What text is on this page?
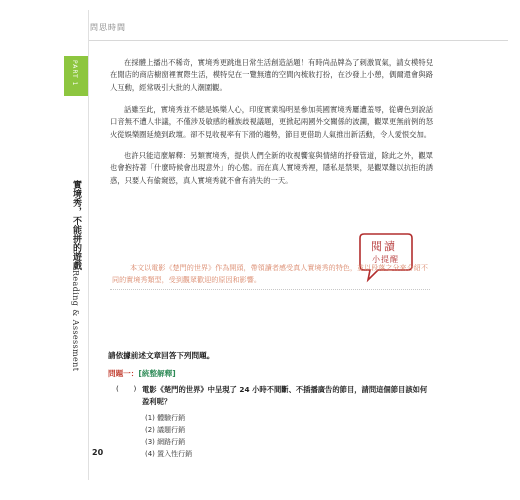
問思時間
PART 1
實境秀，不能拼的遊戲
Reading & Assessment

在採體上播出不稀奇，實境秀更跳進日常生活創造話題！有時尚品牌為了刺激買氣，請女模特兒在閒店的商店櫥窗裡實際生活，模特兒在一覽無遺的空間內梳妝打扮，在沙發上小憩，偶爾還會與路人互動，經常吸引大批的人潮圍觀。

話雖至此，實境秀並不總是娛樂人心，印度實業塢明星參加英國實境秀屢遭羞辱，從膚色到說話口音無不遭人非議，不僅涉及敏感的種族歧視議題，更掀起兩國外交關係的波瀾，觀眾更無前例的怒火從娛樂圈延燒到政壇。卻不見收視率有下滑的趨勢，節目更借助人氣推出新活動，令人愛恨交加。

也許只能這麼解釋：另類實境秀，提供人們全新的收視饗宴與情緒的抒發管道，除此之外，觀眾也會抱持著「什麼時候會出現意外」的心態。而在真人實境秀裡，隱私是禁果，是觀眾難以抗拒的誘惑，只要人有偷窺慾，真人實境秀就不會有消失的一天。

閱讀
小提醒

本文以電影《楚門的世界》作為開頭，帶領讀者感受真人實境秀的特色，並以段落之分來介紹不同的實境秀類型，受到觀眾歡迎的原因和影響。

請依據前述文章回答下列問題。
問題一：[統整解釋]
(　　) 電影《楚門的世界》中呈現了 24 小時不間斷、不插播廣告的節目，請問這個節目該如何盈利呢？
(1) 體驗行銷
(2) 議題行銷
(3) 網路行銷
(4) 置入性行銷
20
